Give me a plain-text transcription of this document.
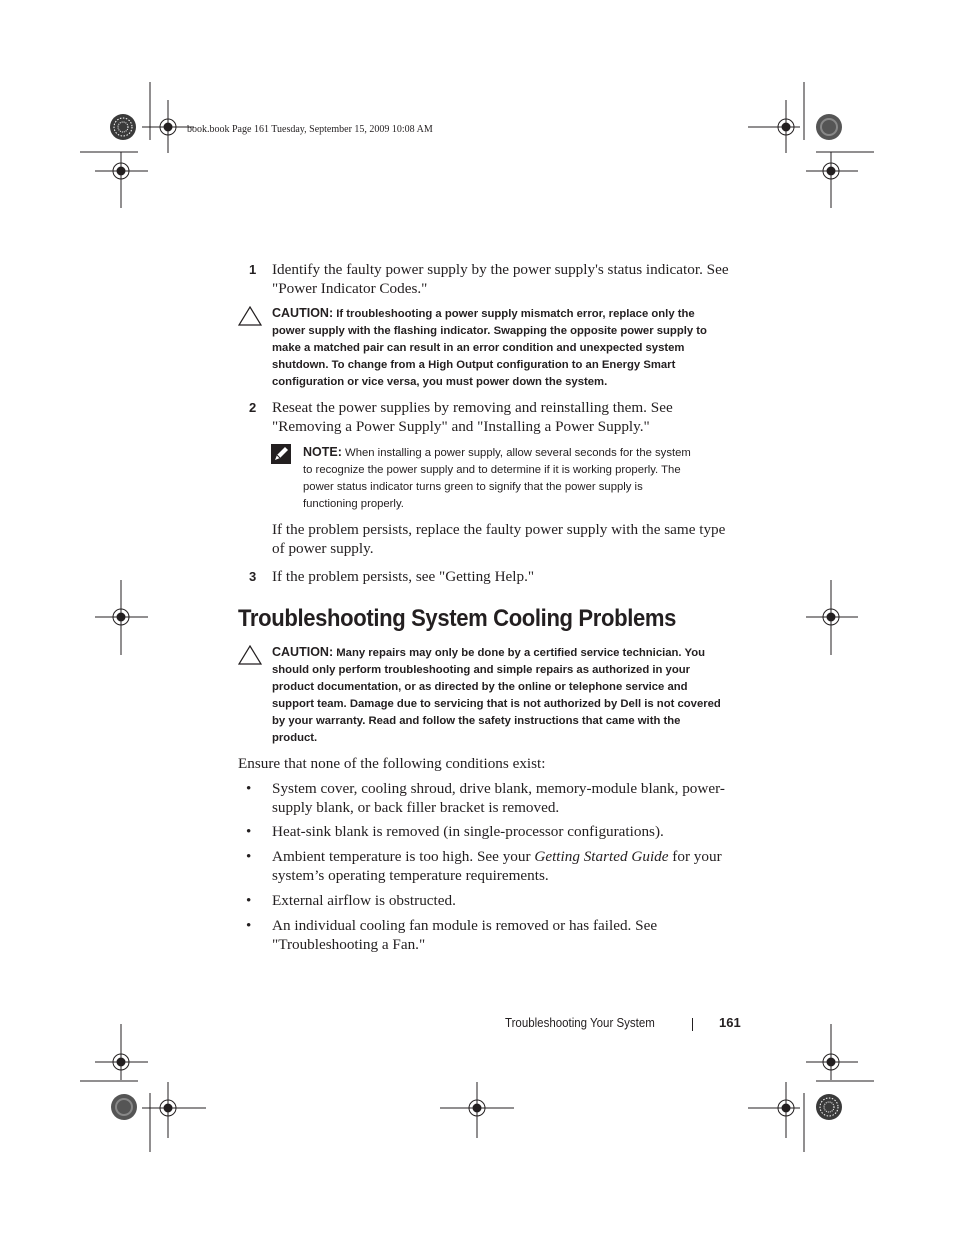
book.book Page 161 Tuesday, September 15, 2009 10:08 AM
1 Identify the faulty power supply by the power supply's status indicator. See
"Power Indicator Codes."
CAUTION: If troubleshooting a power supply mismatch error, replace only the
power supply with the flashing indicator. Swapping the opposite power supply to
make a matched pair can result in an error condition and unexpected system
shutdown. To change from a High Output configuration to an Energy Smart
configuration or vice versa, you must power down the system.
2 Reseat the power supplies by removing and reinstalling them. See
"Removing a Power Supply" and "Installing a Power Supply."
NOTE: When installing a power supply, allow several seconds for the system
to recognize the power supply and to determine if it is working properly. The
power status indicator turns green to signify that the power supply is
functioning properly.
If the problem persists, replace the faulty power supply with the same type
of power supply.
3 If the problem persists, see "Getting Help."
Troubleshooting System Cooling Problems
CAUTION: Many repairs may only be done by a certified service technician. You
should only perform troubleshooting and simple repairs as authorized in your
product documentation, or as directed by the online or telephone service and
support team. Damage due to servicing that is not authorized by Dell is not covered
by your warranty. Read and follow the safety instructions that came with the
product.
Ensure that none of the following conditions exist:
• System cover, cooling shroud, drive blank, memory-module blank, power-
supply blank, or back filler bracket is removed.
• Heat-sink blank is removed (in single-processor configurations).
• Ambient temperature is too high. See your Getting Started Guide for your
system’s operating temperature requirements.
• External airflow is obstructed.
• An individual cooling fan module is removed or has failed. See
"Troubleshooting a Fan."
Troubleshooting Your System	161
